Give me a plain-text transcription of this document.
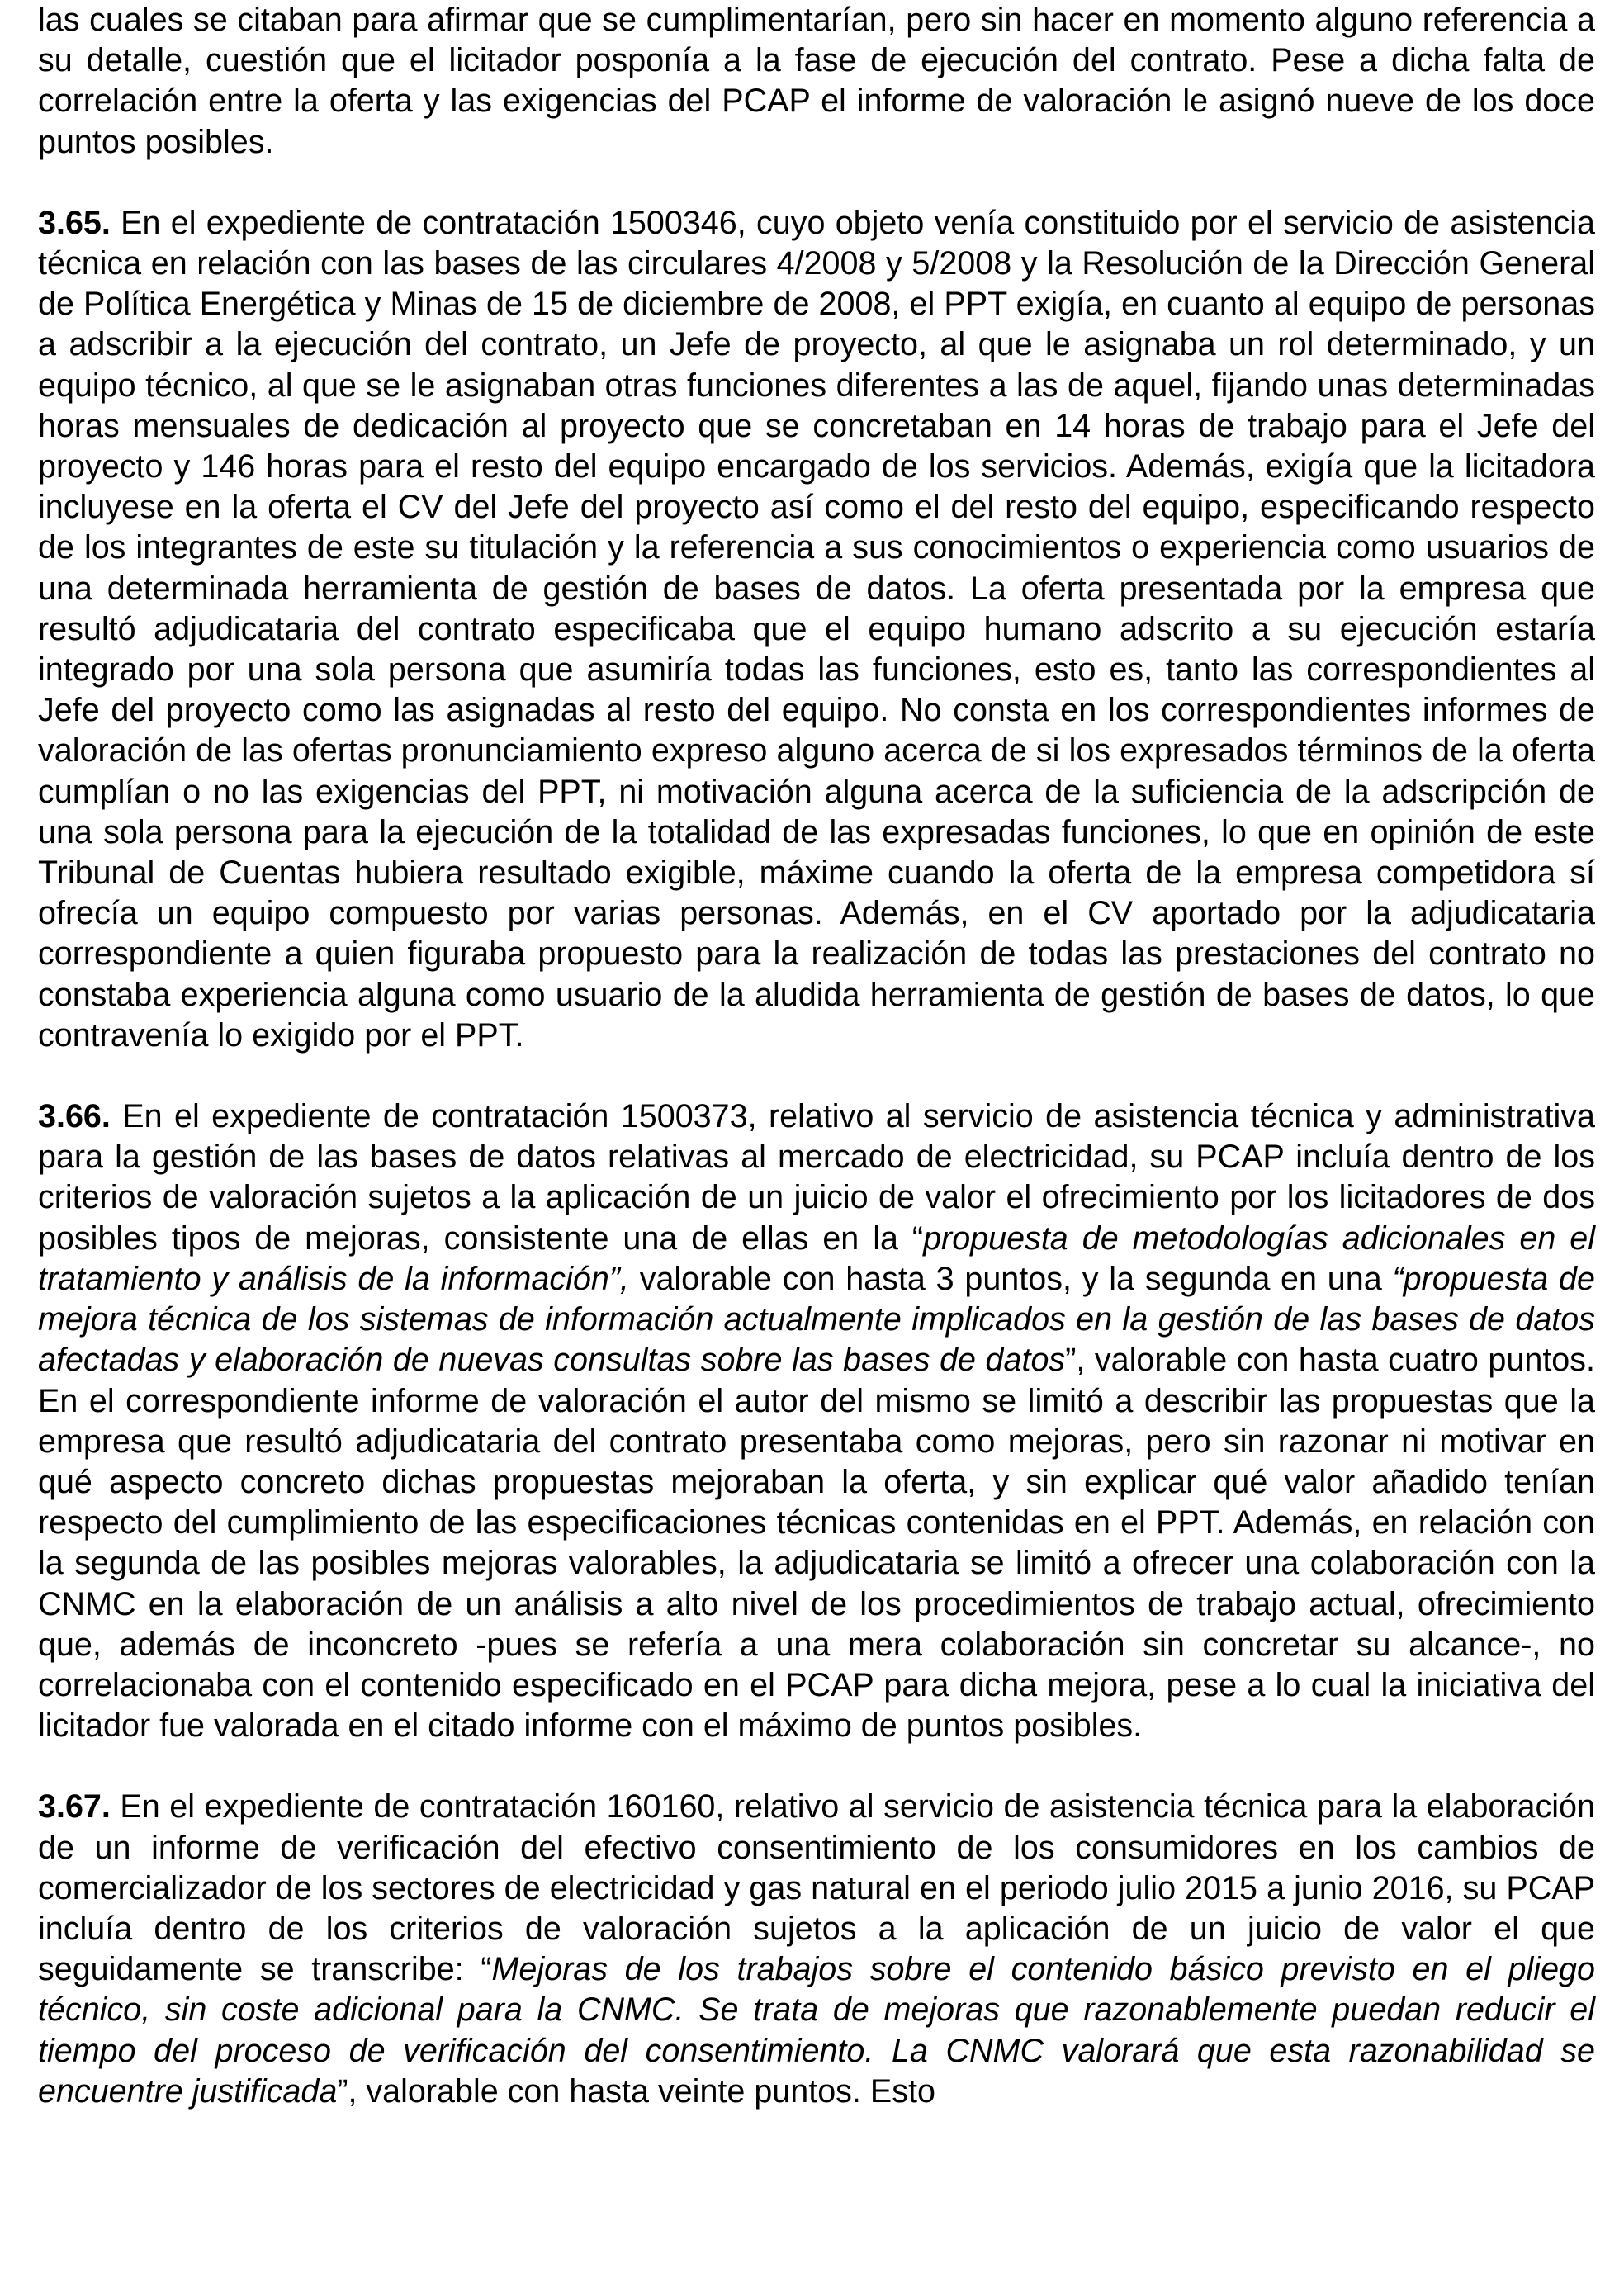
las cuales se citaban para afirmar que se cumplimentarían, pero sin hacer en momento alguno referencia a su detalle, cuestión que el licitador posponía a la fase de ejecución del contrato. Pese a dicha falta de correlación entre la oferta y las exigencias del PCAP el informe de valoración le asignó nueve de los doce puntos posibles.

3.65. En el expediente de contratación 1500346, cuyo objeto venía constituido por el servicio de asistencia técnica en relación con las bases de las circulares 4/2008 y 5/2008 y la Resolución de la Dirección General de Política Energética y Minas de 15 de diciembre de 2008, el PPT exigía, en cuanto al equipo de personas a adscribir a la ejecución del contrato, un Jefe de proyecto, al que le asignaba un rol determinado, y un equipo técnico, al que se le asignaban otras funciones diferentes a las de aquel, fijando unas determinadas horas mensuales de dedicación al proyecto que se concretaban en 14 horas de trabajo para el Jefe del proyecto y 146 horas para el resto del equipo encargado de los servicios. Además, exigía que la licitadora incluyese en la oferta el CV del Jefe del proyecto así como el del resto del equipo, especificando respecto de los integrantes de este su titulación y la referencia a sus conocimientos o experiencia como usuarios de una determinada herramienta de gestión de bases de datos. La oferta presentada por la empresa que resultó adjudicataria del contrato especificaba que el equipo humano adscrito a su ejecución estaría integrado por una sola persona que asumiría todas las funciones, esto es, tanto las correspondientes al Jefe del proyecto como las asignadas al resto del equipo. No consta en los correspondientes informes de valoración de las ofertas pronunciamiento expreso alguno acerca de si los expresados términos de la oferta cumplían o no las exigencias del PPT, ni motivación alguna acerca de la suficiencia de la adscripción de una sola persona para la ejecución de la totalidad de las expresadas funciones, lo que en opinión de este Tribunal de Cuentas hubiera resultado exigible, máxime cuando la oferta de la empresa competidora sí ofrecía un equipo compuesto por varias personas. Además, en el CV aportado por la adjudicataria correspondiente a quien figuraba propuesto para la realización de todas las prestaciones del contrato no constaba experiencia alguna como usuario de la aludida herramienta de gestión de bases de datos, lo que contravenía lo exigido por el PPT.

3.66. En el expediente de contratación 1500373, relativo al servicio de asistencia técnica y administrativa para la gestión de las bases de datos relativas al mercado de electricidad, su PCAP incluía dentro de los criterios de valoración sujetos a la aplicación de un juicio de valor el ofrecimiento por los licitadores de dos posibles tipos de mejoras, consistente una de ellas en la “propuesta de metodologías adicionales en el tratamiento y análisis de la información”, valorable con hasta 3 puntos, y la segunda en una “propuesta de mejora técnica de los sistemas de información actualmente implicados en la gestión de las bases de datos afectadas y elaboración de nuevas consultas sobre las bases de datos”, valorable con hasta cuatro puntos. En el correspondiente informe de valoración el autor del mismo se limitó a describir las propuestas que la empresa que resultó adjudicataria del contrato presentaba como mejoras, pero sin razonar ni motivar en qué aspecto concreto dichas propuestas mejoraban la oferta, y sin explicar qué valor añadido tenían respecto del cumplimiento de las especificaciones técnicas contenidas en el PPT. Además, en relación con la segunda de las posibles mejoras valorables, la adjudicataria se limitó a ofrecer una colaboración con la CNMC en la elaboración de un análisis a alto nivel de los procedimientos de trabajo actual, ofrecimiento que, además de inconcreto -pues se refería a una mera colaboración sin concretar su alcance-, no correlacionaba con el contenido especificado en el PCAP para dicha mejora, pese a lo cual la iniciativa del licitador fue valorada en el citado informe con el máximo de puntos posibles.

3.67. En el expediente de contratación 160160, relativo al servicio de asistencia técnica para la elaboración de un informe de verificación del efectivo consentimiento de los consumidores en los cambios de comercializador de los sectores de electricidad y gas natural en el periodo julio 2015 a junio 2016, su PCAP incluía dentro de los criterios de valoración sujetos a la aplicación de un juicio de valor el que seguidamente se transcribe: “Mejoras de los trabajos sobre el contenido básico previsto en el pliego técnico, sin coste adicional para la CNMC. Se trata de mejoras que razonablemente puedan reducir el tiempo del proceso de verificación del consentimiento. La CNMC valorará que esta razonabilidad se encuentre justificada”, valorable con hasta veinte puntos. Esto
